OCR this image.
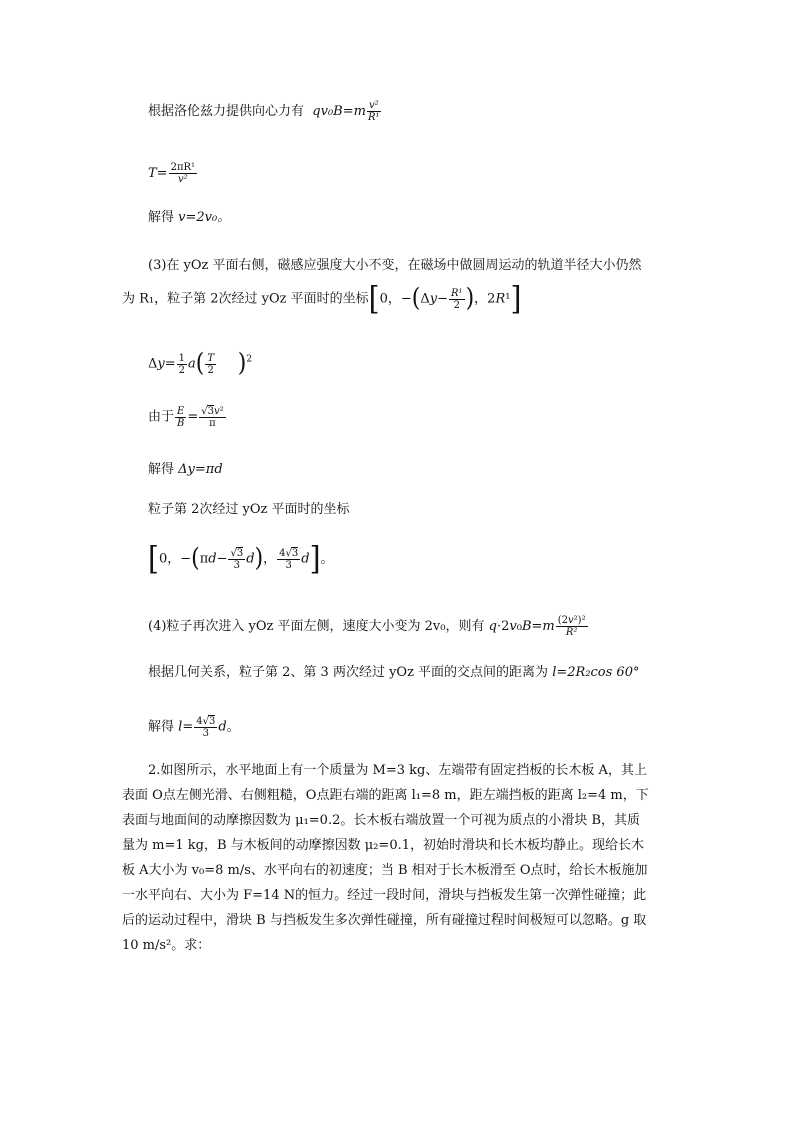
根据洛伦兹力提供向心力有  $qv_0B=m \frac{\text{v²}}{\text{R¹}}$
$T= \frac{\text{2πR¹}}{\text{v²}}$
解得 v=2v₀。
(3)在 yOz 平面右侧，磁感应强度大小不变，在磁场中做圆周运动的轨道半径大小仍然
为 R₁，粒子第 2次经过 yOz 平面时的坐标[0，$-(\Delta y- \frac{\text{R¹}}{2}$ )，2R¹]
$\Delta y= \frac{1}{2} a( \frac{T}{2} )^2$
由于 $\frac{E}{B} = \frac{\text{√3v²}}{\pi}$
解得 Δy=πd
粒子第 2次经过 yOz 平面时的坐标
[0，$-(\pi d- \frac{√3}{3} d)$， $\frac{4√3}{3} d$]。
(4)粒子再次进入 yOz 平面左侧，速度大小变为 2v₀，则有 $q\cdot 2v_0B=m \frac{\text{(2v²)²}}{\text{R²}}$
根据几何关系，粒子第 2、第 3 两次经过 yOz 平面的交点间的距离为 l=2R₂cos 60°
解得 $l= \frac{4√3}{3}$ d。
2.如图所示，水平地面上有一个质量为 M=3 kg、左端带有固定挡板的长木板 A，其上
表面 O点左侧光滑、右侧粗糙，O点距右端的距离 l₁=8 m，距左端挡板的距离 l₂=4 m，下
表面与地面间的动摩擦因数为 μ₁=0.2。长木板右端放置一个可视为质点的小滑块 B，其质
量为 m=1 kg，B 与木板间的动摩擦因数 μ₂=0.1，初始时滑块和长木板均静止。现给长木
板 A大小为 v₀=8 m/s、水平向右的初速度；当 B 相对于长木板滑至 O点时，给长木板施加
一水平向右、大小为 F=14 N的恒力。经过一段时间，滑块与挡板发生第一次弹性碰撞；此
后的运动过程中，滑块 B 与挡板发生多次弹性碰撞，所有碰撞过程时间极短可以忽略。g 取
10 m/s²。求：
